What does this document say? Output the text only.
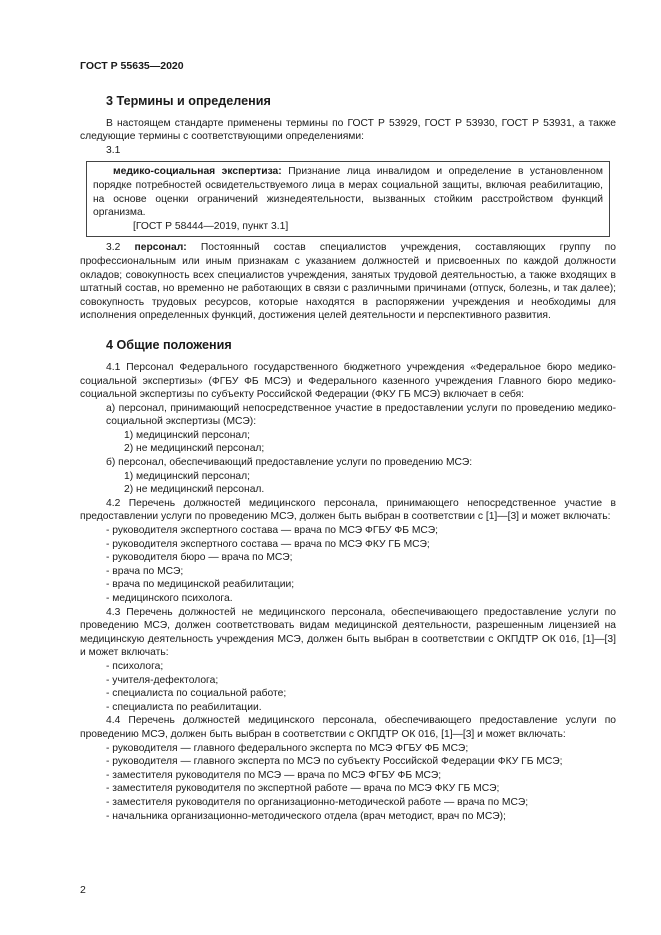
ГОСТ Р 55635—2020
3 Термины и определения

В настоящем стандарте применены термины по ГОСТ Р 53929, ГОСТ Р 53930, ГОСТ Р 53931, а также следующие термины с соответствующими определениями:

3.1

медико-социальная экспертиза: Признание лица инвалидом и определение в установленном порядке потребностей освидетельствуемого лица в мерах социальной защиты, включая реабилитацию, на основе оценки ограничений жизнедеятельности, вызванных стойким расстройством функций организма.

[ГОСТ Р 58444—2019, пункт 3.1]

3.2 персонал: Постоянный состав специалистов учреждения, составляющих группу по профессиональным или иным признакам с указанием должностей и присвоенных по каждой должности окладов; совокупность всех специалистов учреждения, занятых трудовой деятельностью, а также входящих в штатный состав, но временно не работающих в связи с различными причинами (отпуск, болезнь, и так далее); совокупность трудовых ресурсов, которые находятся в распоряжении учреждения и необходимы для исполнения определенных функций, достижения целей деятельности и перспективного развития.

4 Общие положения

4.1 Персонал Федерального государственного бюджетного учреждения «Федеральное бюро медико-социальной экспертизы» (ФГБУ ФБ МСЭ) и Федерального казенного учреждения Главного бюро медико-социальной экспертизы по субъекту Российской Федерации (ФКУ ГБ МСЭ) включает в себя:

а) персонал, принимающий непосредственное участие в предоставлении услуги по проведению медико-социальной экспертизы (МСЭ):

1) медицинский персонал;

2) не медицинский персонал;

б) персонал, обеспечивающий предоставление услуги по проведению МСЭ:

1) медицинский персонал;

2) не медицинский персонал.

4.2 Перечень должностей медицинского персонала, принимающего непосредственное участие в предоставлении услуги по проведению МСЭ, должен быть выбран в соответствии с [1]—[3] и может включать:

- руководителя экспертного состава — врача по МСЭ ФГБУ ФБ МСЭ;

- руководителя экспертного состава — врача по МСЭ ФКУ ГБ МСЭ;

- руководителя бюро — врача по МСЭ;

- врача по МСЭ;

- врача по медицинской реабилитации;

- медицинского психолога.

4.3 Перечень должностей не медицинского персонала, обеспечивающего предоставление услуги по проведению МСЭ, должен соответствовать видам медицинской деятельности, разрешенным лицензией на медицинскую деятельность учреждения МСЭ, должен быть выбран в соответствии с ОКПДТР ОК 016, [1]—[3] и может включать:

- психолога;

- учителя-дефектолога;

- специалиста по социальной работе;

- специалиста по реабилитации.

4.4 Перечень должностей медицинского персонала, обеспечивающего предоставление услуги по проведению МСЭ, должен быть выбран в соответствии с ОКПДТР ОК 016, [1]—[3] и может включать:

- руководителя — главного федерального эксперта по МСЭ ФГБУ ФБ МСЭ;

- руководителя — главного эксперта по МСЭ по субъекту Российской Федерации ФКУ ГБ МСЭ;

- заместителя руководителя по МСЭ — врача по МСЭ ФГБУ ФБ МСЭ;

- заместителя руководителя по экспертной работе — врача по МСЭ ФКУ ГБ МСЭ;

- заместителя руководителя по организационно-методической работе — врача по МСЭ;

- начальника организационно-методического отдела (врач методист, врач по МСЭ);

2
